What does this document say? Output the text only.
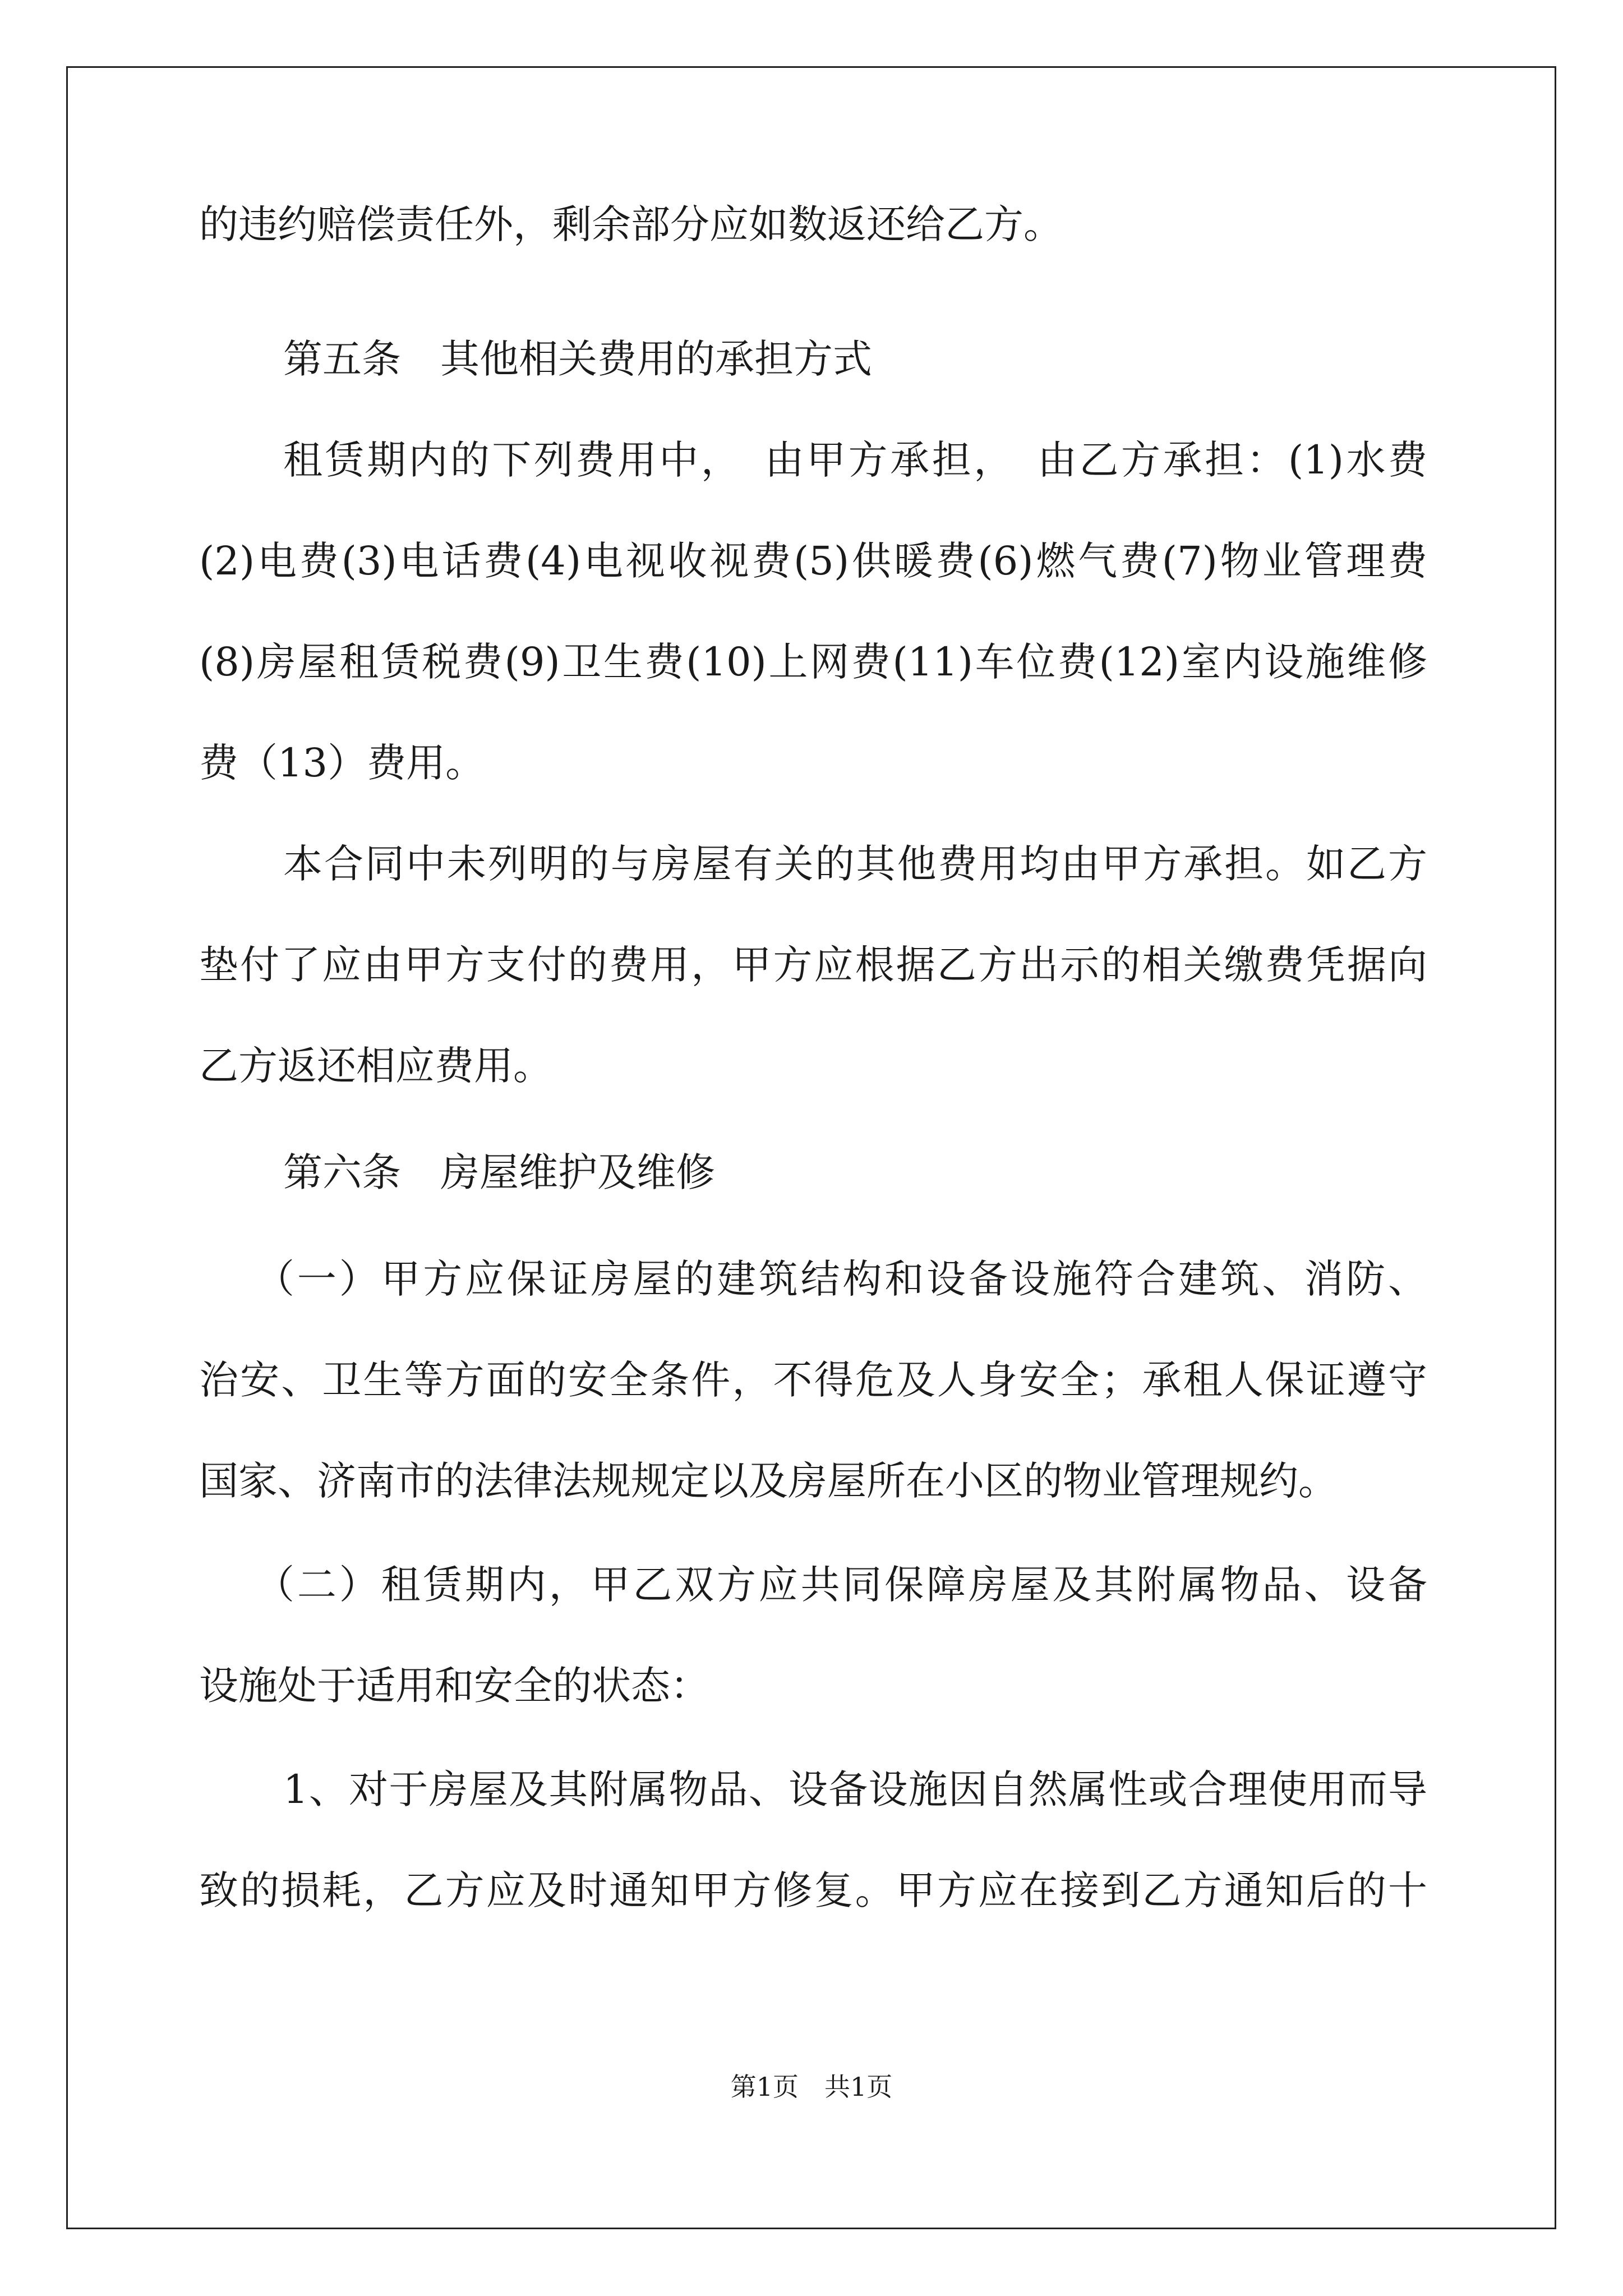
的违约赔偿责任外，剩余部分应如数返还给乙方。
第五条　其他相关费用的承担方式
租赁期内的下列费用中，　由甲方承担，　由乙方承担：(1)水费
(2)电费(3)电话费(4)电视收视费(5)供暖费(6)燃气费(7)物业管理费
(8)房屋租赁税费(9)卫生费(10)上网费(11)车位费(12)室内设施维修
费（13）费用。
本合同中未列明的与房屋有关的其他费用均由甲方承担。如乙方
垫付了应由甲方支付的费用，甲方应根据乙方出示的相关缴费凭据向
乙方返还相应费用。
第六条　房屋维护及维修
（一）甲方应保证房屋的建筑结构和设备设施符合建筑、消防、
治安、卫生等方面的安全条件，不得危及人身安全；承租人保证遵守
国家、济南市的法律法规规定以及房屋所在小区的物业管理规约。
（二）租赁期内，甲乙双方应共同保障房屋及其附属物品、设备
设施处于适用和安全的状态：
1、对于房屋及其附属物品、设备设施因自然属性或合理使用而导
致的损耗，乙方应及时通知甲方修复。甲方应在接到乙方通知后的十
第1页　共1页
